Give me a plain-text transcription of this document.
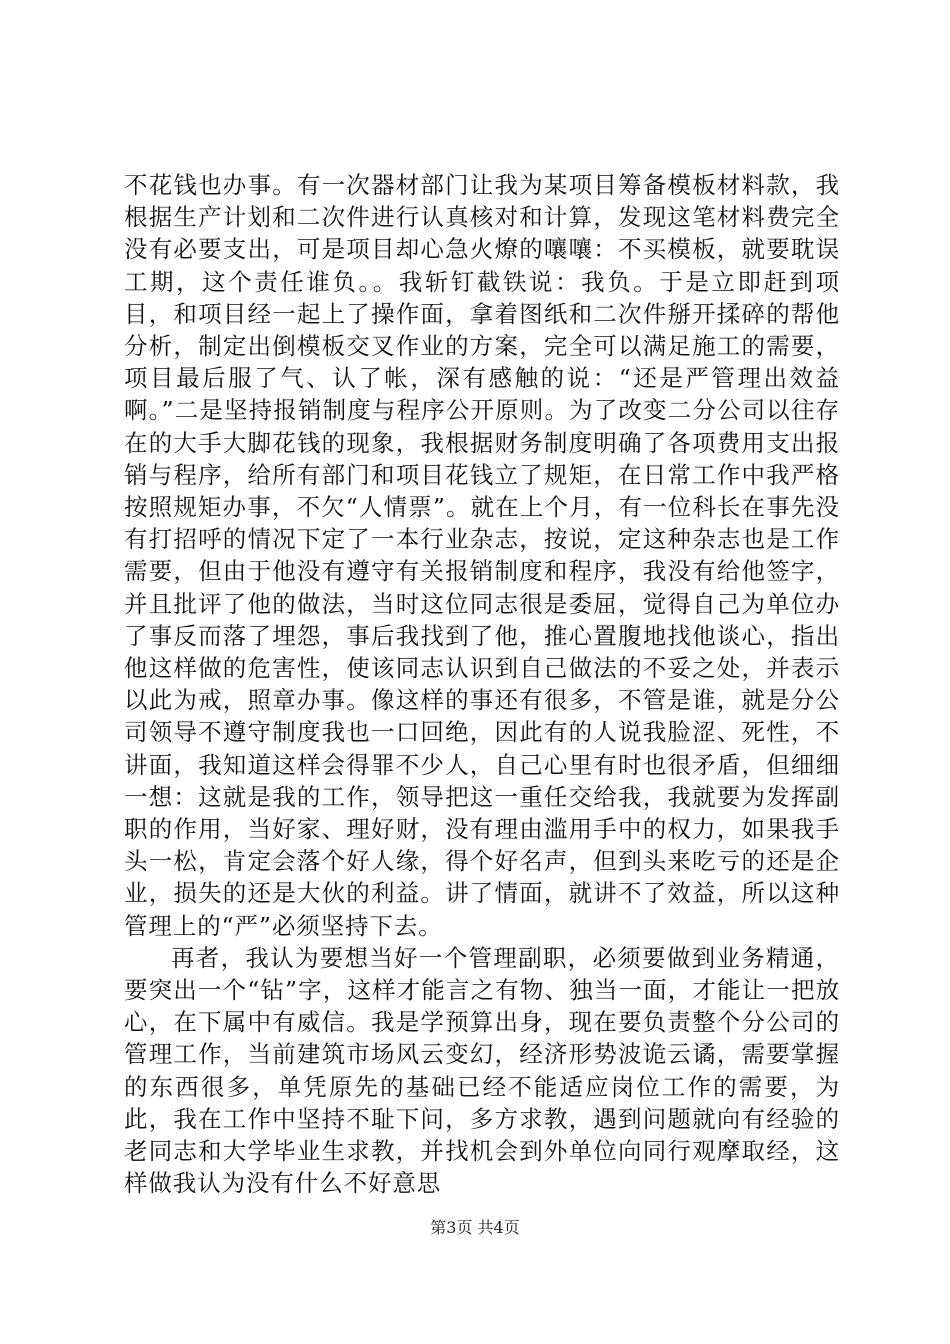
不花钱也办事。有一次器材部门让我为某项目筹备模板材料款，我根据生产计划和二次件进行认真核对和计算，发现这笔材料费完全没有必要支出，可是项目却心急火燎的嚷嚷：不买模板，就要耽误工期，这个责任谁负。。我斩钉截铁说：我负。于是立即赶到项目，和项目经一起上了操作面，拿着图纸和二次件掰开揉碎的帮他分析，制定出倒模板交叉作业的方案，完全可以满足施工的需要，项目最后服了气、认了帐，深有感触的说：“还是严管理出效益啊。”二是坚持报销制度与程序公开原则。为了改变二分公司以往存在的大手大脚花钱的现象，我根据财务制度明确了各项费用支出报销与程序，给所有部门和项目花钱立了规矩，在日常工作中我严格按照规矩办事，不欠“人情票”。就在上个月，有一位科长在事先没有打招呼的情况下定了一本行业杂志，按说，定这种杂志也是工作需要，但由于他没有遵守有关报销制度和程序，我没有给他签字，并且批评了他的做法，当时这位同志很是委屈，觉得自己为单位办了事反而落了埋怨，事后我找到了他，推心置腹地找他谈心，指出他这样做的危害性，使该同志认识到自己做法的不妥之处，并表示以此为戒，照章办事。像这样的事还有很多，不管是谁，就是分公司领导不遵守制度我也一口回绝，因此有的人说我脸涩、死性，不讲面，我知道这样会得罪不少人，自己心里有时也很矛盾，但细细一想：这就是我的工作，领导把这一重任交给我，我就要为发挥副职的作用，当好家、理好财，没有理由滥用手中的权力，如果我手头一松，肯定会落个好人缘，得个好名声，但到头来吃亏的还是企业，损失的还是大伙的利益。讲了情面，就讲不了效益，所以这种管理上的“严”必须坚持下去。

再者，我认为要想当好一个管理副职，必须要做到业务精通，要突出一个“钻”字，这样才能言之有物、独当一面，才能让一把放心，在下属中有威信。我是学预算出身，现在要负责整个分公司的管理工作，当前建筑市场风云变幻，经济形势波诡云谲，需要掌握的东西很多，单凭原先的基础已经不能适应岗位工作的需要，为此，我在工作中坚持不耻下问，多方求教，遇到问题就向有经验的老同志和大学毕业生求教，并找机会到外单位向同行观摩取经，这样做我认为没有什么不好意思

第3页 共4页
